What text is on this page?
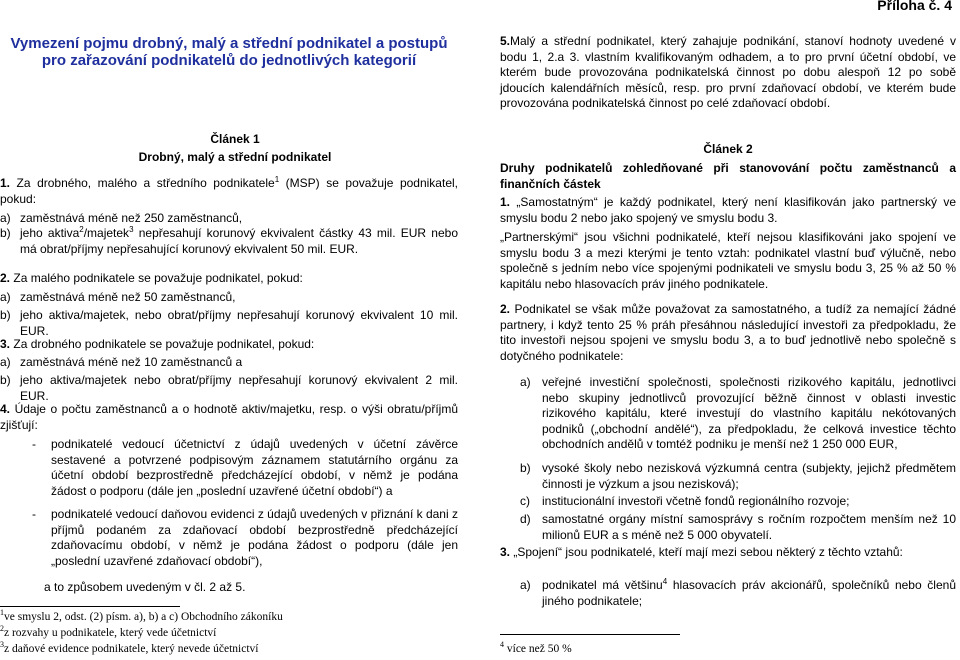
Příloha č. 4
Vymezení pojmu drobný, malý a střední podnikatel a postupů pro zařazování podnikatelů do jednotlivých kategorií
Článek 1
Drobný, malý a střední podnikatel
1. Za drobného, malého a středního podnikatele$^1$ (MSP) se považuje podnikatel, pokud:
a) zaměstnává méně než 250 zaměstnanců,
b) jeho aktiva$^2$/majetek$^3$ nepřesahují korunový ekvivalent částky 43 mil. EUR nebo má obrat/příjmy nepřesahující korunový ekvivalent 50 mil. EUR.
2. Za malého podnikatele se považuje podnikatel, pokud:
a) zaměstnává méně než 50 zaměstnanců,
b) jeho aktiva/majetek, nebo obrat/příjmy nepřesahují korunový ekvivalent 10 mil. EUR.
3. Za drobného podnikatele se považuje podnikatel, pokud:
a) zaměstnává méně než 10 zaměstnanců a
b) jeho aktiva/majetek nebo obrat/příjmy nepřesahují korunový ekvivalent 2 mil. EUR.
4. Údaje o počtu zaměstnanců a o hodnotě aktiv/majetku, resp. o výši obratu/příjmů zjišťují:
- podnikatelé vedoucí účetnictví z údajů uvedených v účetní závěrce sestavené a potvrzené podpisovým záznamem statutárního orgánu za účetní období bezprostředně předcházející období, v němž je podána žádost o podporu (dále jen „poslední uzavřené účetní období“) a
- podnikatelé vedoucí daňovou evidenci z údajů uvedených v přiznání k dani z příjmů podaném za zdaňovací období bezprostředně předcházející zdaňovacímu období, v němž je podána žádost o podporu (dále jen „poslední uzavřené zdaňovací období“),
a to způsobem uvedeným v čl. 2 až 5.
$^1$ve smyslu 2, odst. (2) písm. a), b) a c) Obchodního zákoníku
$^2$z rozvahy u podnikatele, který vede účetnictví
$^3$z daňové evidence podnikatele, který nevede účetnictví
5.Malý a střední podnikatel, který zahajuje podnikání, stanoví hodnoty uvedené v bodu 1, 2.a 3. vlastním kvalifikovaným odhadem, a to pro první účetní období, ve kterém bude provozována podnikatelská činnost po dobu alespoň 12 po sobě jdoucích kalendářních měsíců, resp. pro první zdaňovací období, ve kterém bude provozována podnikatelská činnost po celé zdaňovací období.
Článek 2
Druhy podnikatelů zohledňované při stanovování počtu zaměstnanců a finančních částek
1. „Samostatným“ je každý podnikatel, který není klasifikován jako partnerský ve smyslu bodu 2 nebo jako spojený ve smyslu bodu 3.
„Partnerskými“ jsou všichni podnikatelé, kteří nejsou klasifikováni jako spojení ve smyslu bodu 3 a mezi kterými je tento vztah: podnikatel vlastní buď výlučně, nebo společně s jedním nebo více spojenými podnikateli ve smyslu bodu 3, 25 % až 50 % kapitálu nebo hlasovacích práv jiného podnikatele.
2. Podnikatel se však může považovat za samostatného, a tudíž za nemající žádné partnery, i když tento 25 % práh přesáhnou následující investoři za předpokladu, že tito investoři nejsou spojeni ve smyslu bodu 3, a to buď jednotlivě nebo společně s dotyčného podnikatele:
a) veřejné investiční společnosti, společnosti rizikového kapitálu, jednotlivci nebo skupiny jednotlivců provozující běžně činnost v oblasti investic rizikového kapitálu, které investují do vlastního kapitálu nekótovaných podniků („obchodní andělé“), za předpokladu, že celková investice těchto obchodních andělů v tomtéž podniku je menší než 1 250 000 EUR,
b) vysoké školy nebo nezisková výzkumná centra (subjekty, jejichž předmětem činnosti je výzkum a jsou nezisková);
c) institucionální investoři včetně fondů regionálního rozvoje;
d) samostatné orgány místní samosprávy s ročním rozpočtem menším než 10 milionů EUR a s méně než 5 000 obyvatelí.
3. „Spojení“ jsou podnikatelé, kteří mají mezi sebou některý z těchto vztahů:
a) podnikatel má většinu$^4$ hlasovacích práv akcionářů, společníků nebo členů jiného podnikatele;
$^4$ více než 50 %
